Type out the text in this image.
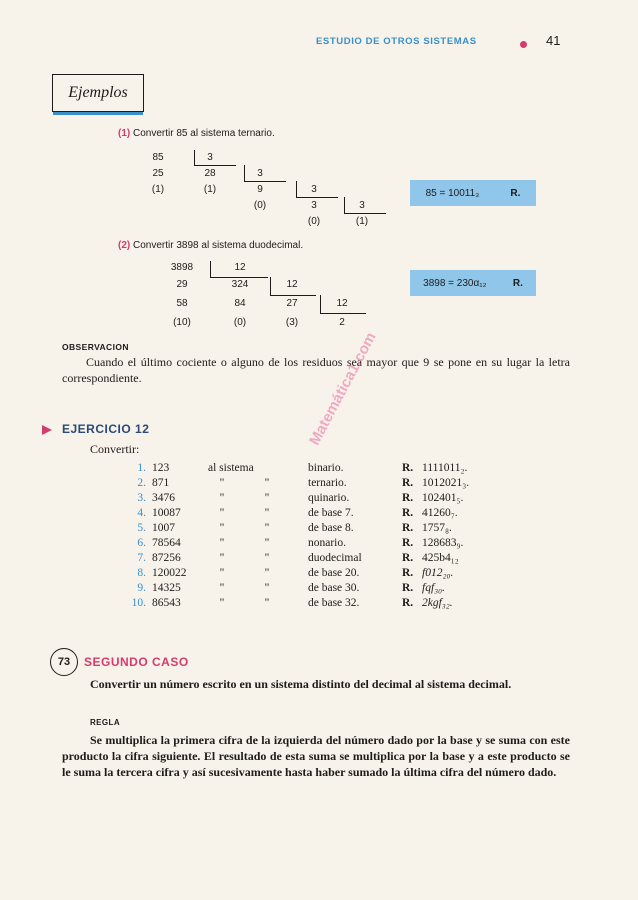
ESTUDIO DE OTROS SISTEMAS	41
Ejemplos
(1) Convertir 85 al sistema ternario.
85
25
(1)
3
28
(1)
3
9
(0)
3
3
(0)
3
(1)
85 = 10011₃	R.
(2) Convertir 3898 al sistema duodecimal.
3898
29
58
(10)
12
324
84
(0)
12
27
(3)
12
2
3898 = 230α₁₂	R.
OBSERVACION
Cuando el último cociente o alguno de los residuos sea mayor que 9 se pone en su lugar la letra correspondiente.	Matemática1.com
EJERCICIO 12
Convertir:
1. 123	al sistema	binario.	R. 1111011₂.
2. 871	"	"	ternario.	R. 1012021₃.
3. 3476	"	"	quinario.	R. 102401₅.
4. 10087	"	"	de base 7.	R. 41260₇.
5. 1007	"	"	de base 8.	R. 1757₈.
6. 78564	"	"	nonario.	R. 128683₉.
7. 87256	"	"	duodecimal	R. 425b4₁₂
8. 120022	"	"	de base 20.	R. f012₂₀.
9. 14325	"	"	de base 30.	R. fqf₃₀.
10. 86543	"	"	de base 32.	R. 2kgf₃₂.
73	SEGUNDO CASO
Convertir un número escrito en un sistema distinto del decimal al sistema decimal.
REGLA
Se multiplica la primera cifra de la izquierda del número dado por la base y se suma con este producto la cifra siguiente. El resultado de esta suma se multiplica por la base y a este producto se le suma la tercera cifra y así sucesivamente hasta haber sumado la última cifra del número dado.
